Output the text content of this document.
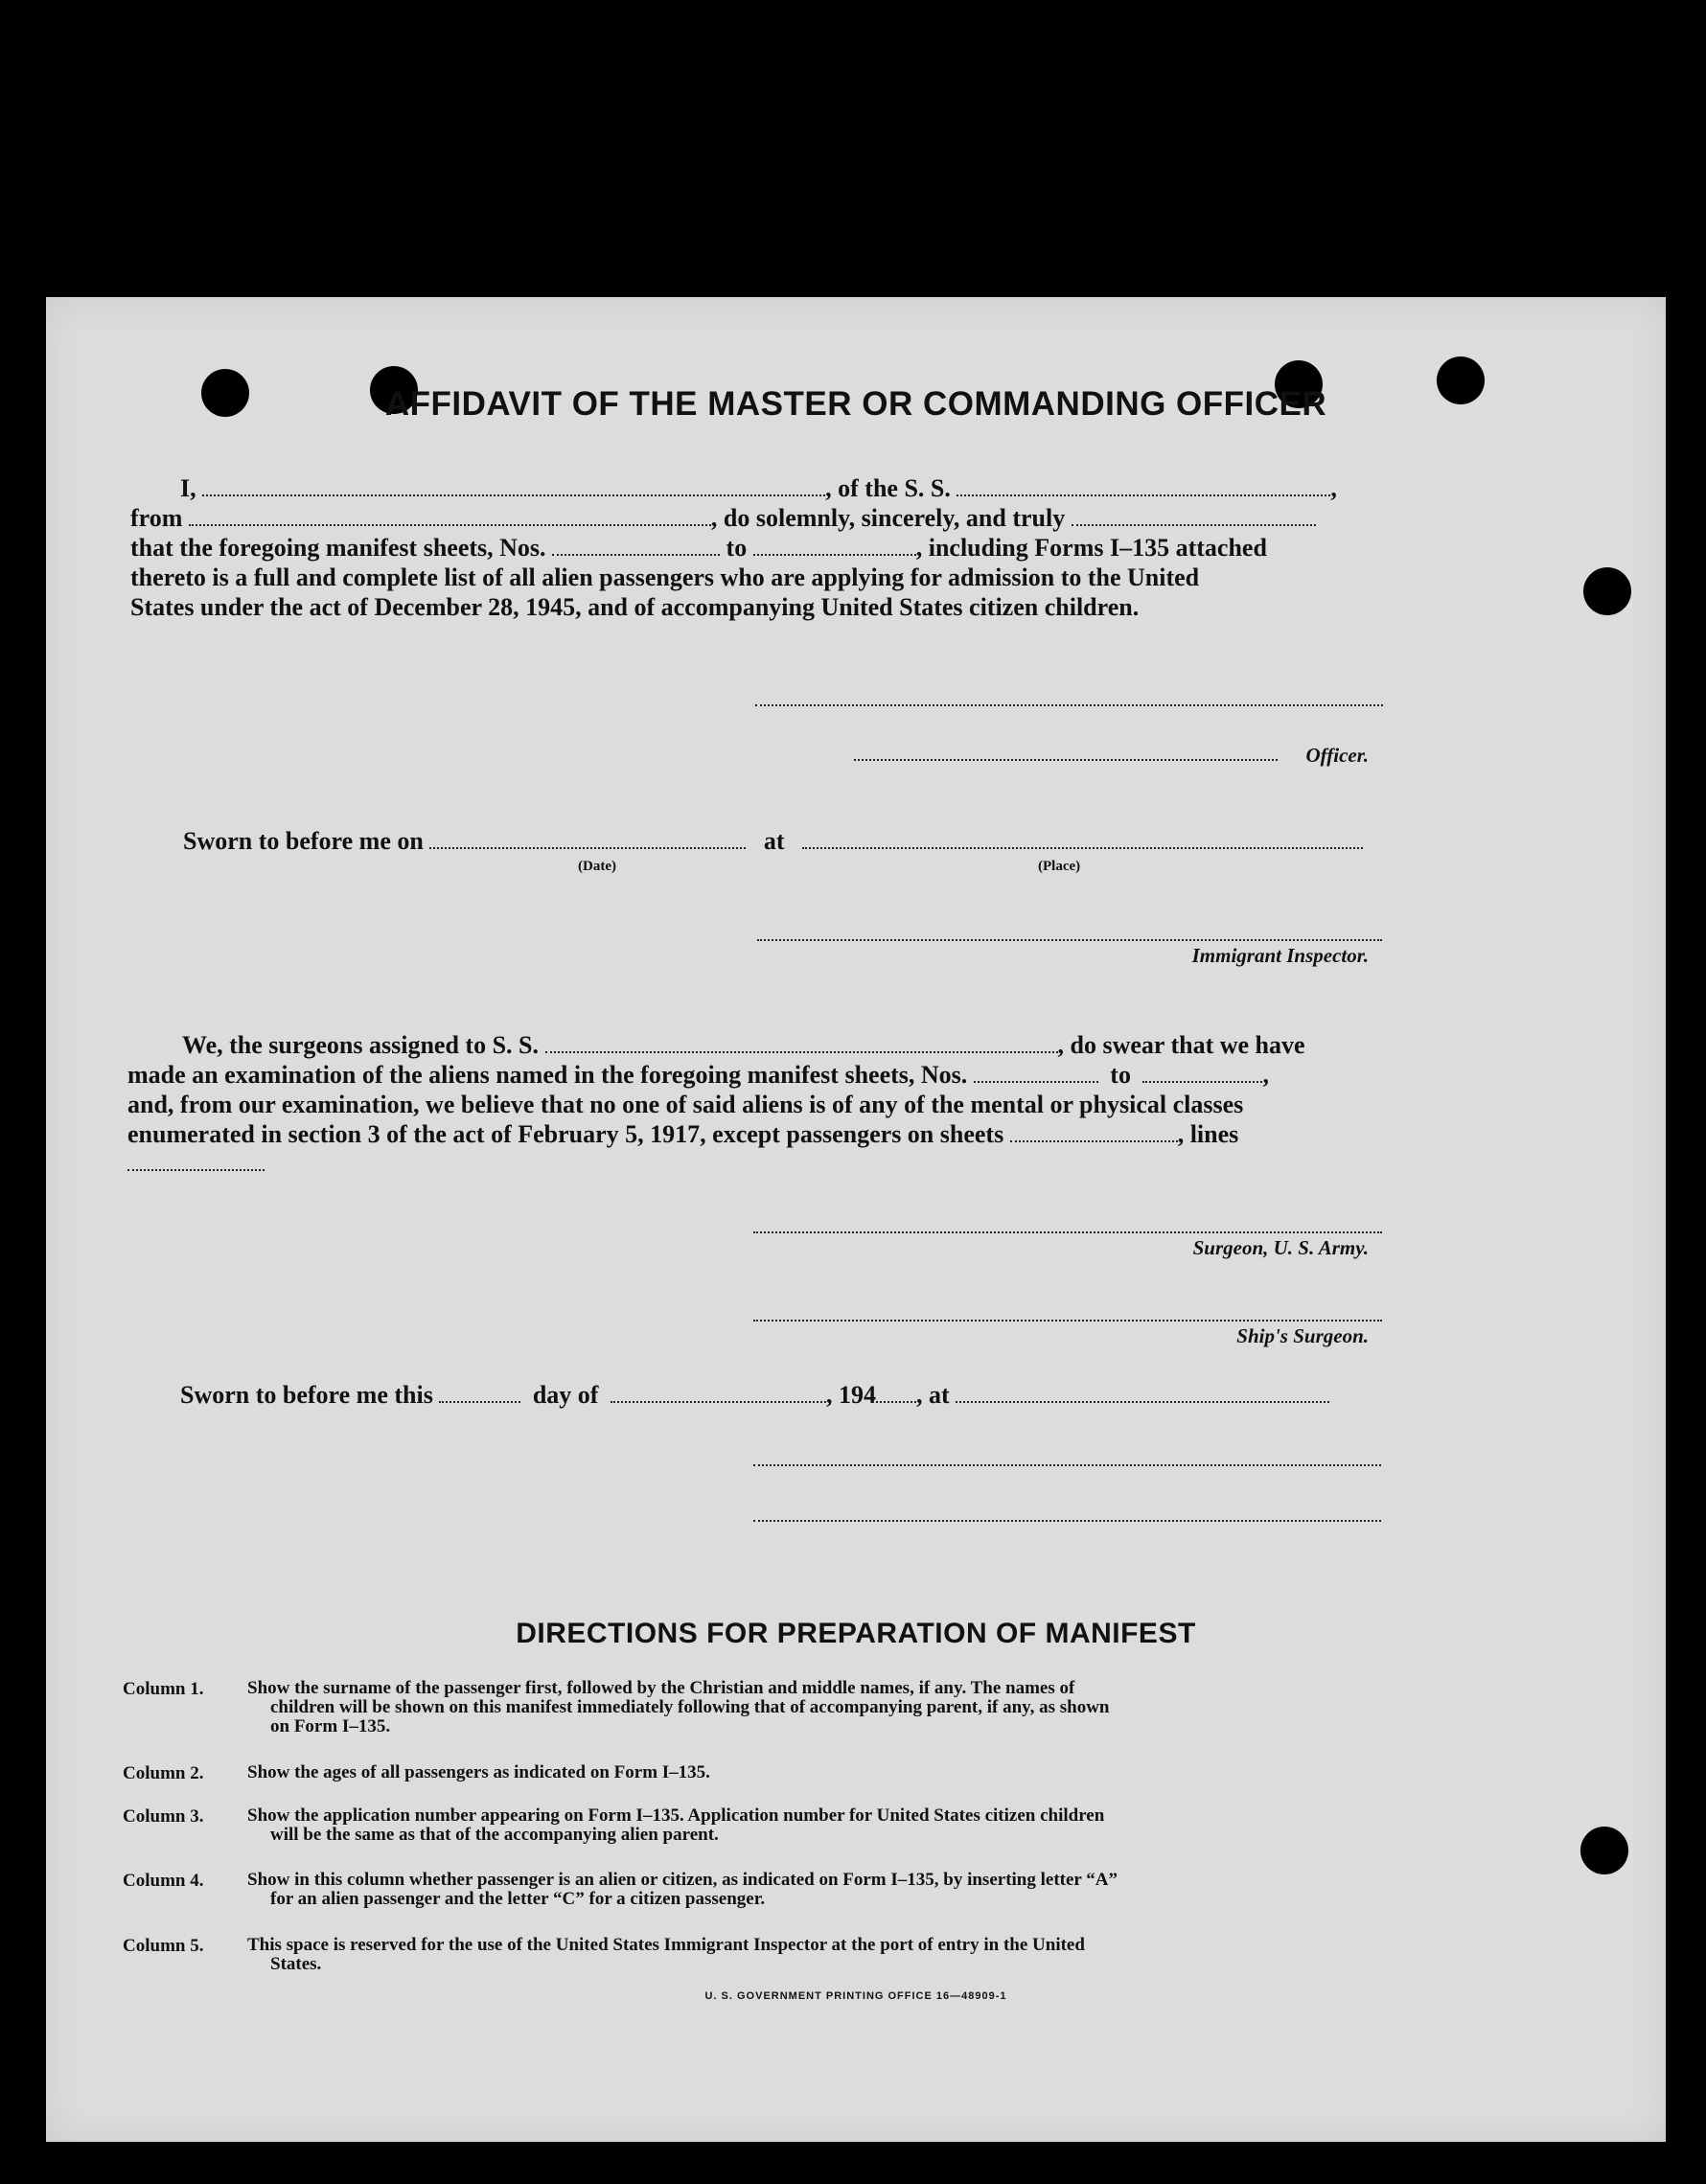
AFFIDAVIT OF THE MASTER OR COMMANDING OFFICER
I,	, of the S. S.	,
from	, do solemnly, sincerely, and truly
that the foregoing manifest sheets, Nos.	to	, including Forms I–135 attached
thereto is a full and complete list of all alien passengers who are applying for admission to the United
States under the act of December 28, 1945, and of accompanying United States citizen children.
Officer.
Sworn to before me on	at
(Date)	(Place)
Immigrant Inspector.
We, the surgeons assigned to S. S.	, do swear that we have
made an examination of the aliens named in the foregoing manifest sheets, Nos.	to	,
and, from our examination, we believe that no one of said aliens is of any of the mental or physical classes
enumerated in section 3 of the act of February 5, 1917, except passengers on sheets	, lines
Surgeon, U. S. Army.
Ship's Surgeon.
Sworn to before me this	day of	, 194 , at
DIRECTIONS FOR PREPARATION OF MANIFEST
Column 1.	Show the surname of the passenger first, followed by the Christian and middle names, if any. The names of
children will be shown on this manifest immediately following that of accompanying parent, if any, as shown
on Form I–135.
Column 2.	Show the ages of all passengers as indicated on Form I–135.
Column 3.	Show the application number appearing on Form I–135. Application number for United States citizen children
will be the same as that of the accompanying alien parent.
Column 4.	Show in this column whether passenger is an alien or citizen, as indicated on Form I–135, by inserting letter “A”
for an alien passenger and the letter “C” for a citizen passenger.
Column 5.	This space is reserved for the use of the United States Immigrant Inspector at the port of entry in the United
States.
U. S. GOVERNMENT PRINTING OFFICE 16—48909-1
